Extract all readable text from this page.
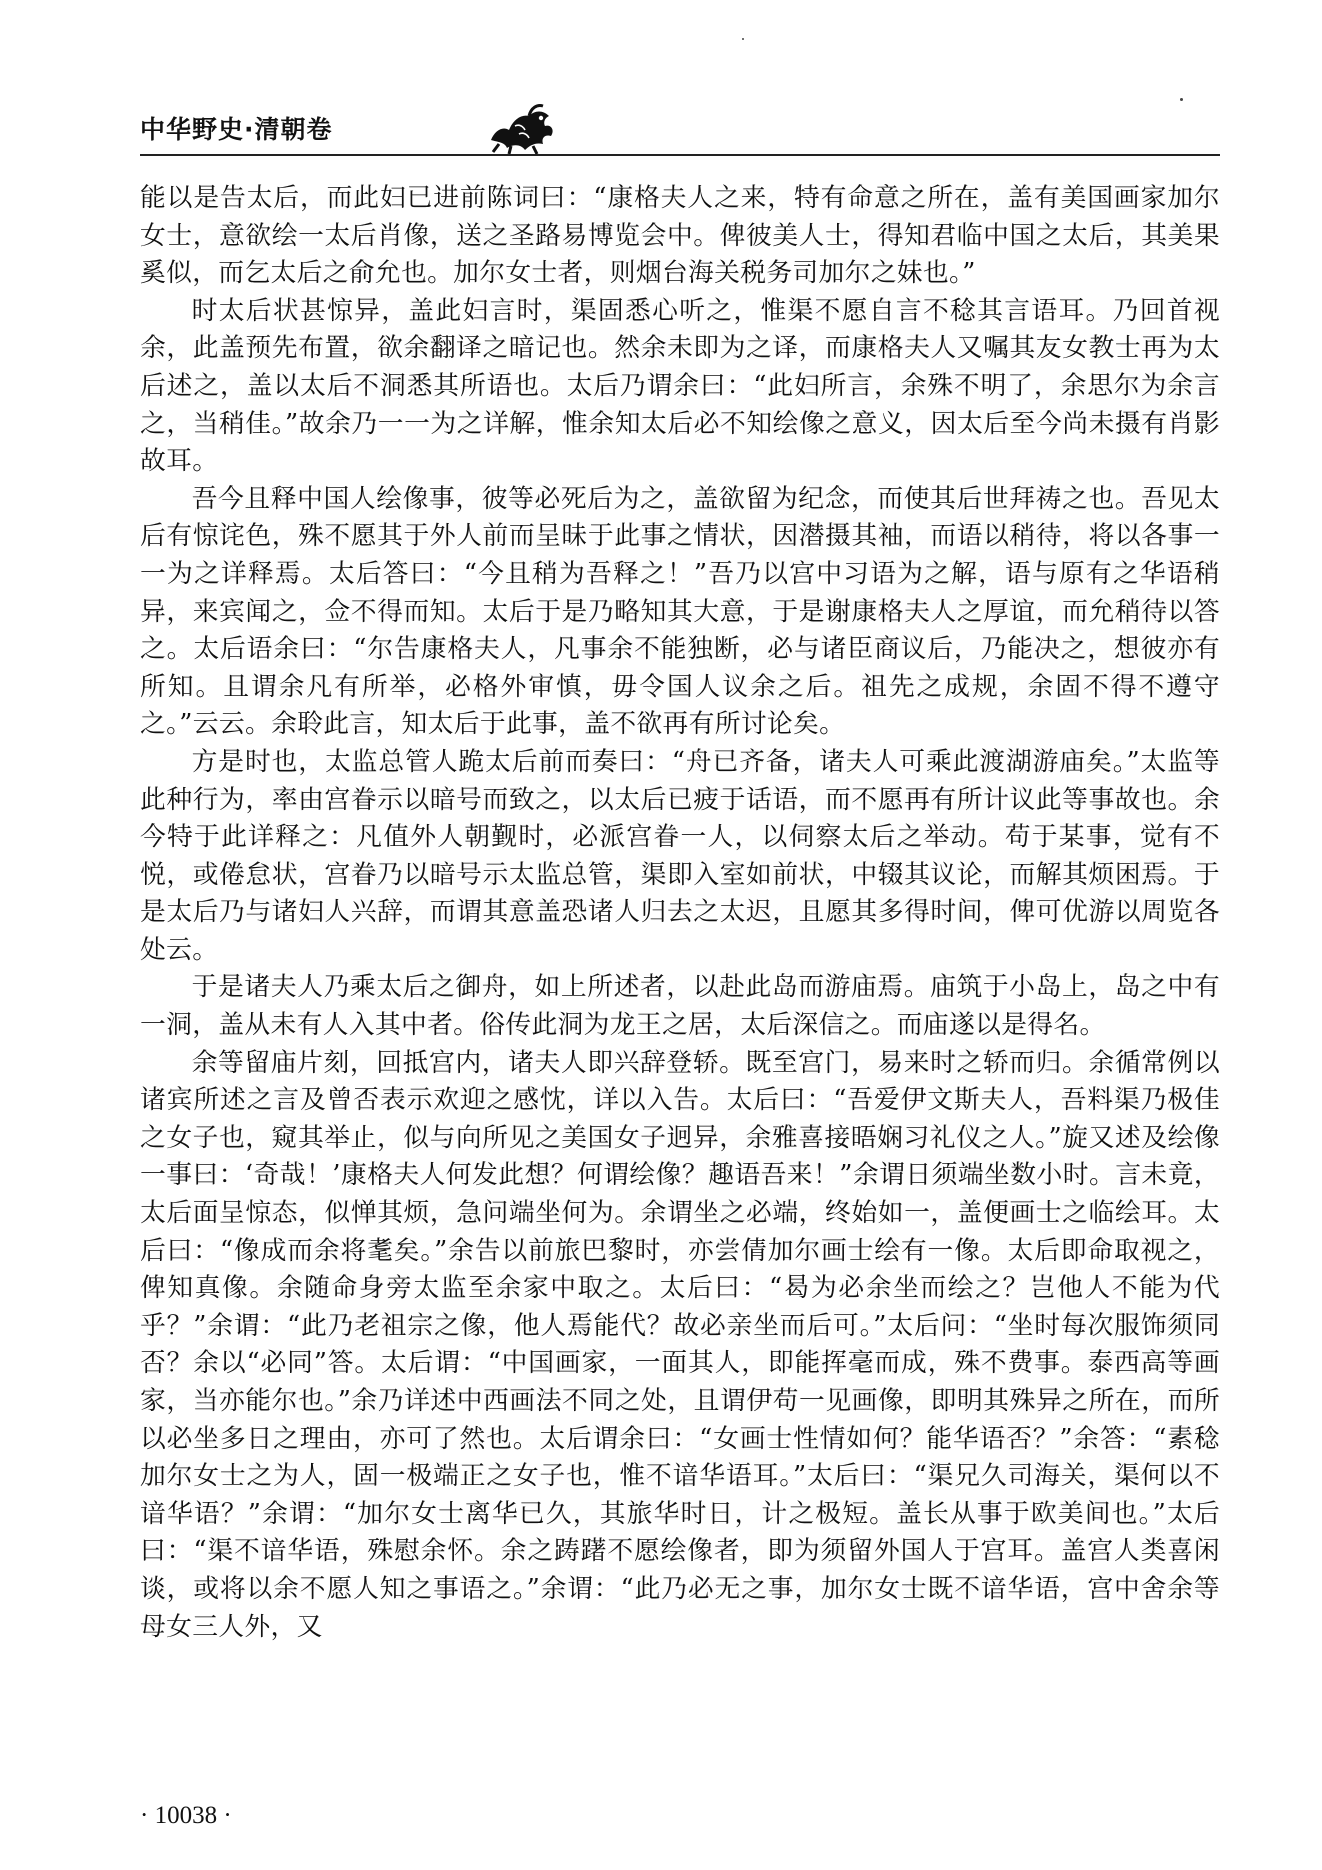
中华野史·清朝卷

能以是告太后，而此妇已进前陈词曰：“康格夫人之来，特有命意之所在，盖有美国画家加尔女士，意欲绘一太后肖像，送之圣路易博览会中。俾彼美人士，得知君临中国之太后，其美果奚似，而乞太后之俞允也。加尔女士者，则烟台海关税务司加尔之妹也。”

时太后状甚惊异，盖此妇言时，渠固悉心听之，惟渠不愿自言不稔其言语耳。乃回首视余，此盖预先布置，欲余翻译之暗记也。然余未即为之译，而康格夫人又嘱其友女教士再为太后述之，盖以太后不洞悉其所语也。太后乃谓余曰：“此妇所言，余殊不明了，余思尔为余言之，当稍佳。”故余乃一一为之详解，惟余知太后必不知绘像之意义，因太后至今尚未摄有肖影故耳。

吾今且释中国人绘像事，彼等必死后为之，盖欲留为纪念，而使其后世拜祷之也。吾见太后有惊诧色，殊不愿其于外人前而呈昧于此事之情状，因潜摄其袖，而语以稍待，将以各事一一为之详释焉。太后答曰：“今且稍为吾释之！”吾乃以宫中习语为之解，语与原有之华语稍异，来宾闻之，佥不得而知。太后于是乃略知其大意，于是谢康格夫人之厚谊，而允稍待以答之。太后语余曰：“尔告康格夫人，凡事余不能独断，必与诸臣商议后，乃能决之，想彼亦有所知。且谓余凡有所举，必格外审慎，毋令国人议余之后。祖先之成规，余固不得不遵守之。”云云。余聆此言，知太后于此事，盖不欲再有所讨论矣。

方是时也，太监总管人跪太后前而奏曰：“舟已齐备，诸夫人可乘此渡湖游庙矣。”太监等此种行为，率由宫眷示以暗号而致之，以太后已疲于话语，而不愿再有所计议此等事故也。余今特于此详释之：凡值外人朝觐时，必派宫眷一人，以伺察太后之举动。苟于某事，觉有不悦，或倦怠状，宫眷乃以暗号示太监总管，渠即入室如前状，中辍其议论，而解其烦困焉。于是太后乃与诸妇人兴辞，而谓其意盖恐诸人归去之太迟，且愿其多得时间，俾可优游以周览各处云。

于是诸夫人乃乘太后之御舟，如上所述者，以赴此岛而游庙焉。庙筑于小岛上，岛之中有一洞，盖从未有人入其中者。俗传此洞为龙王之居，太后深信之。而庙遂以是得名。

余等留庙片刻，回抵宫内，诸夫人即兴辞登轿。既至宫门，易来时之轿而归。余循常例以诸宾所述之言及曾否表示欢迎之感忱，详以入告。太后曰：“吾爱伊文斯夫人，吾料渠乃极佳之女子也，窥其举止，似与向所见之美国女子迥异，余雅喜接晤娴习礼仪之人。”旋又述及绘像一事曰：‘奇哉！’康格夫人何发此想？何谓绘像？趣语吾来！”余谓日须端坐数小时。言未竟，太后面呈惊态，似惮其烦，急问端坐何为。余谓坐之必端，终始如一，盖便画士之临绘耳。太后曰：“像成而余将耄矣。”余告以前旅巴黎时，亦尝倩加尔画士绘有一像。太后即命取视之，俾知真像。余随命身旁太监至余家中取之。太后曰：“曷为必余坐而绘之？岂他人不能为代乎？”余谓：“此乃老祖宗之像，他人焉能代？故必亲坐而后可。”太后问：“坐时每次服饰须同否？余以“必同”答。太后谓：“中国画家，一面其人，即能挥毫而成，殊不费事。泰西高等画家，当亦能尔也。”余乃详述中西画法不同之处，且谓伊苟一见画像，即明其殊异之所在，而所以必坐多日之理由，亦可了然也。太后谓余曰：“女画士性情如何？能华语否？”余答：“素稔加尔女士之为人，固一极端正之女子也，惟不谙华语耳。”太后曰：“渠兄久司海关，渠何以不谙华语？”余谓：“加尔女士离华已久，其旅华时日，计之极短。盖长从事于欧美间也。”太后曰：“渠不谙华语，殊慰余怀。余之踌躇不愿绘像者，即为须留外国人于宫耳。盖宫人类喜闲谈，或将以余不愿人知之事语之。”余谓：“此乃必无之事，加尔女士既不谙华语，宫中舍余等母女三人外，又

· 10038 ·
